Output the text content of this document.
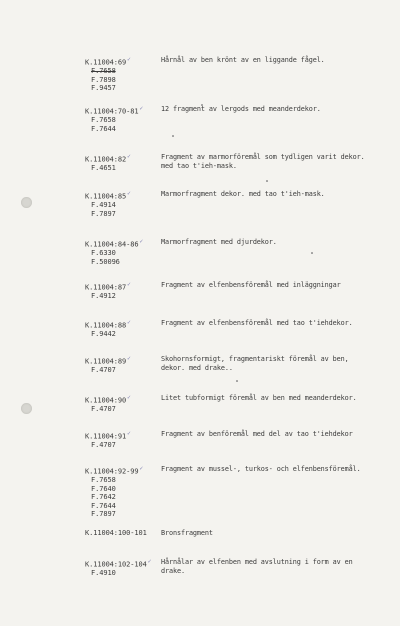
K.11004:69✓
F.7658
F.7898
F.9457
Hårnål av ben krönt av en liggande fågel.
K.11004:70-81✓
F.7658
F.7644
12 fragment av lergods med meanderdekor.
K.11004:82✓
F.4651
Fragment av marmorföremål som tydligen varit dekor.
med tao t'ieh-mask.
K.11004:85✓
F.4914
F.7897
Marmorfragment dekor. med tao t'ieh-mask.
K.11004:84-86✓
F.6330
F.50096
Marmorfragment med djurdekor.
K.11004:87✓
F.4912
Fragment av elfenbensföremål med inläggningar
K.11004:88✓
F.9442
Fragment av elfenbensföremål med tao t'iehdekor.
K.11004:89✓
F.4707
Skohornsformigt, fragmentariskt föremål av ben,
dekor. med drake..
K.11004:90✓
F.4707
Litet tubformigt föremål av ben med meanderdekor.
K.11004:91✓
F.4707
Fragment av benföremål med del av tao t'iehdekor
K.11004:92-99✓
F.7658
F.7640
F.7642
F.7644
F.7897
Fragment av mussel-, turkos- och elfenbensföremål.
K.11004:100-101	Bronsfragment
K.11004:102-104✓
F.4910
Hårnålar av elfenben med avslutning i form av en
drake.
